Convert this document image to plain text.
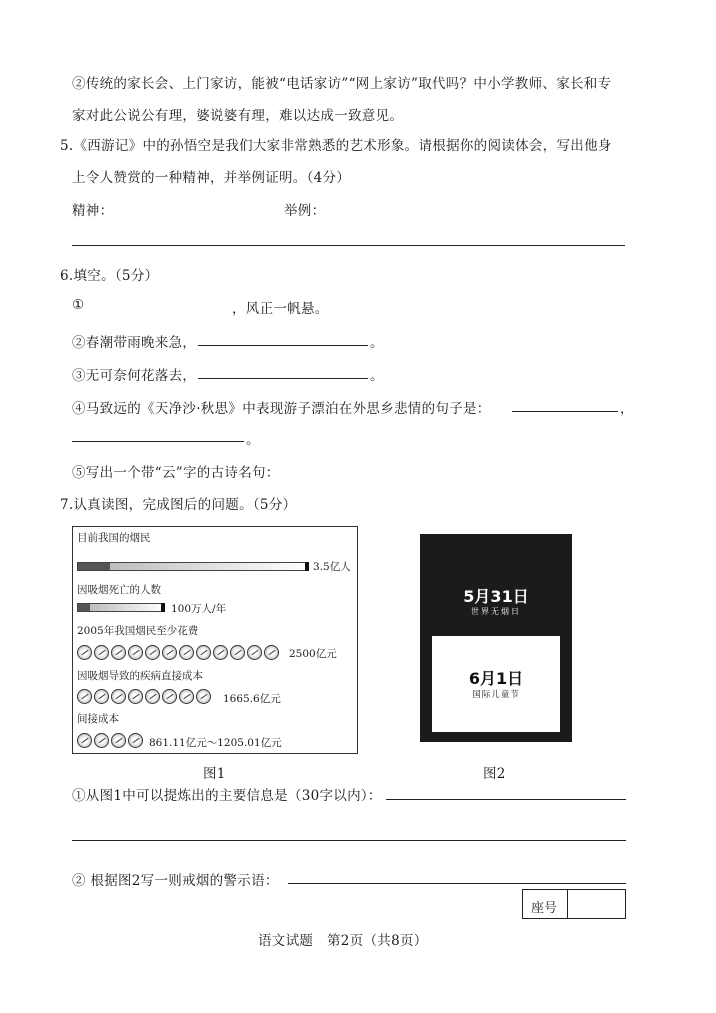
②传统的家长会、上门家访，能被“电话家访”“网上家访”取代吗？中小学教师、家长和专
家对此公说公有理，婆说婆有理，难以达成一致意见。
5.《西游记》中的孙悟空是我们大家非常熟悉的艺术形象。请根据你的阅读体会，写出他身
上令人赞赏的一种精神，并举例证明。（4分）
精神：	举例：
6.填空。（5分）
①	，风正一帆悬。
②春潮带雨晚来急，	。
③无可奈何花落去，	。
④马致远的《天净沙·秋思》中表现游子漂泊在外思乡悲情的句子是：	，
。
⑤写出一个带“云”字的古诗名句：
7.认真读图，完成图后的问题。（5分）
目前我国的烟民
3.5亿人
因吸烟死亡的人数
100万人/年
2005年我国烟民至少花费
2500亿元
因吸烟导致的疾病直接成本
1665.6亿元
间接成本
861.11亿元～1205.01亿元
图1
5月31日
世界无烟日
6月1日
国际儿童节
图2
①从图1中可以提炼出的主要信息是（30字以内）：
② 根据图2写一则戒烟的警示语：
座号
语文试题　第2页（共8页）
